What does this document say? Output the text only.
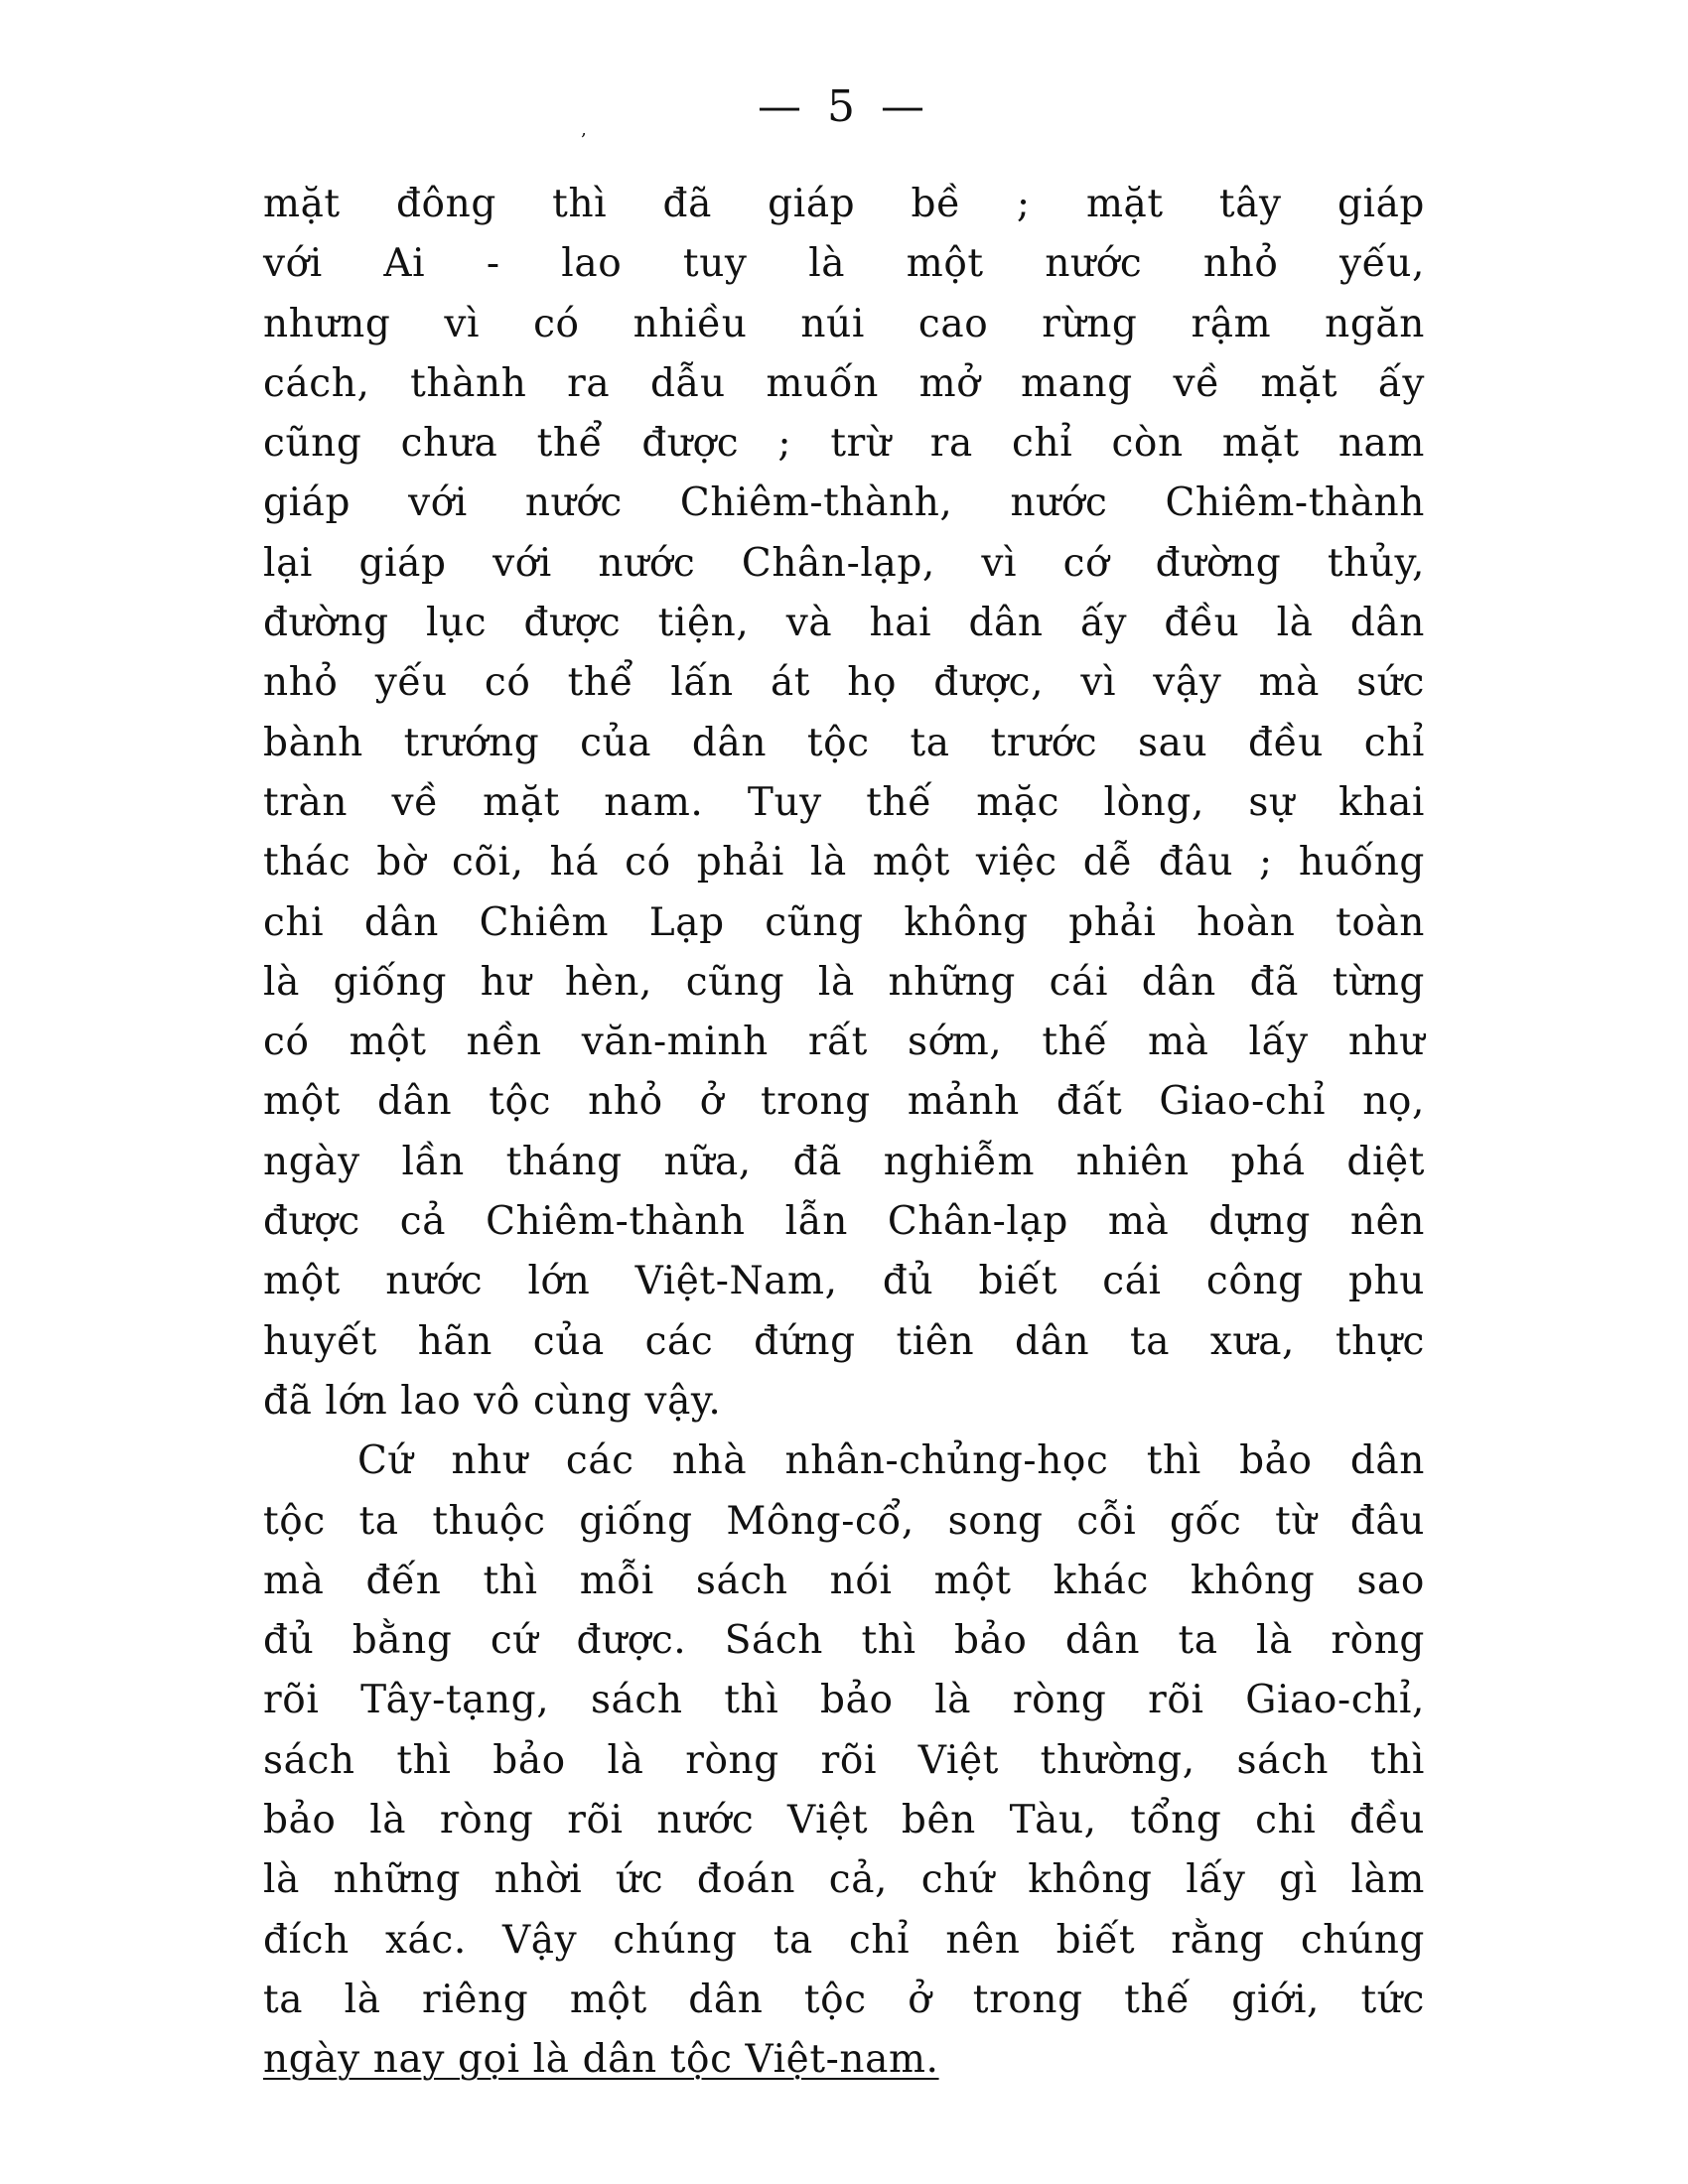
— 5 —
‚
mặt đông thì đã giáp bề ; mặt tây giáp
với Ai - lao tuy là một nước nhỏ yếu,
nhưng vì có nhiều núi cao rừng rậm ngăn
cách, thành ra dẫu muốn mở mang về mặt ấy
cũng chưa thể được ; trừ ra chỉ còn mặt nam
giáp với nước Chiêm-thành, nước Chiêm-thành
lại giáp với nước Chân-lạp, vì cớ đường thủy,
đường lục được tiện, và hai dân ấy đều là dân
nhỏ yếu có thể lấn át họ được, vì vậy mà sức
bành trướng của dân tộc ta trước sau đều chỉ
tràn về mặt nam. Tuy thế mặc lòng, sự khai
thác bờ cõi, há có phải là một việc dễ đâu ; huống
chi dân Chiêm Lạp cũng không phải hoàn toàn
là giống hư hèn, cũng là những cái dân đã từng
có một nền văn-minh rất sớm, thế mà lấy như
một dân tộc nhỏ ở trong mảnh đất Giao-chỉ nọ,
ngày lần tháng nữa, đã nghiễm nhiên phá diệt
được cả Chiêm-thành lẫn Chân-lạp mà dựng nên
một nước lớn Việt-Nam, đủ biết cái công phu
huyết hãn của các đứng tiên dân ta xưa, thực
đã lớn lao vô cùng vậy.
Cứ như các nhà nhân-chủng-học thì bảo dân
tộc ta thuộc giống Mông-cổ, song cỗi gốc từ đâu
mà đến thì mỗi sách nói một khác không sao
đủ bằng cứ được. Sách thì bảo dân ta là ròng
rõi Tây-tạng, sách thì bảo là ròng rõi Giao-chỉ,
sách thì bảo là ròng rõi Việt thường, sách thì
bảo là ròng rõi nước Việt bên Tàu, tổng chi đều
là những nhời ức đoán cả, chứ không lấy gì làm
đích xác. Vậy chúng ta chỉ nên biết rằng chúng
ta là riêng một dân tộc ở trong thế giới, tức
ngày nay gọi là dân tộc Việt-nam.
